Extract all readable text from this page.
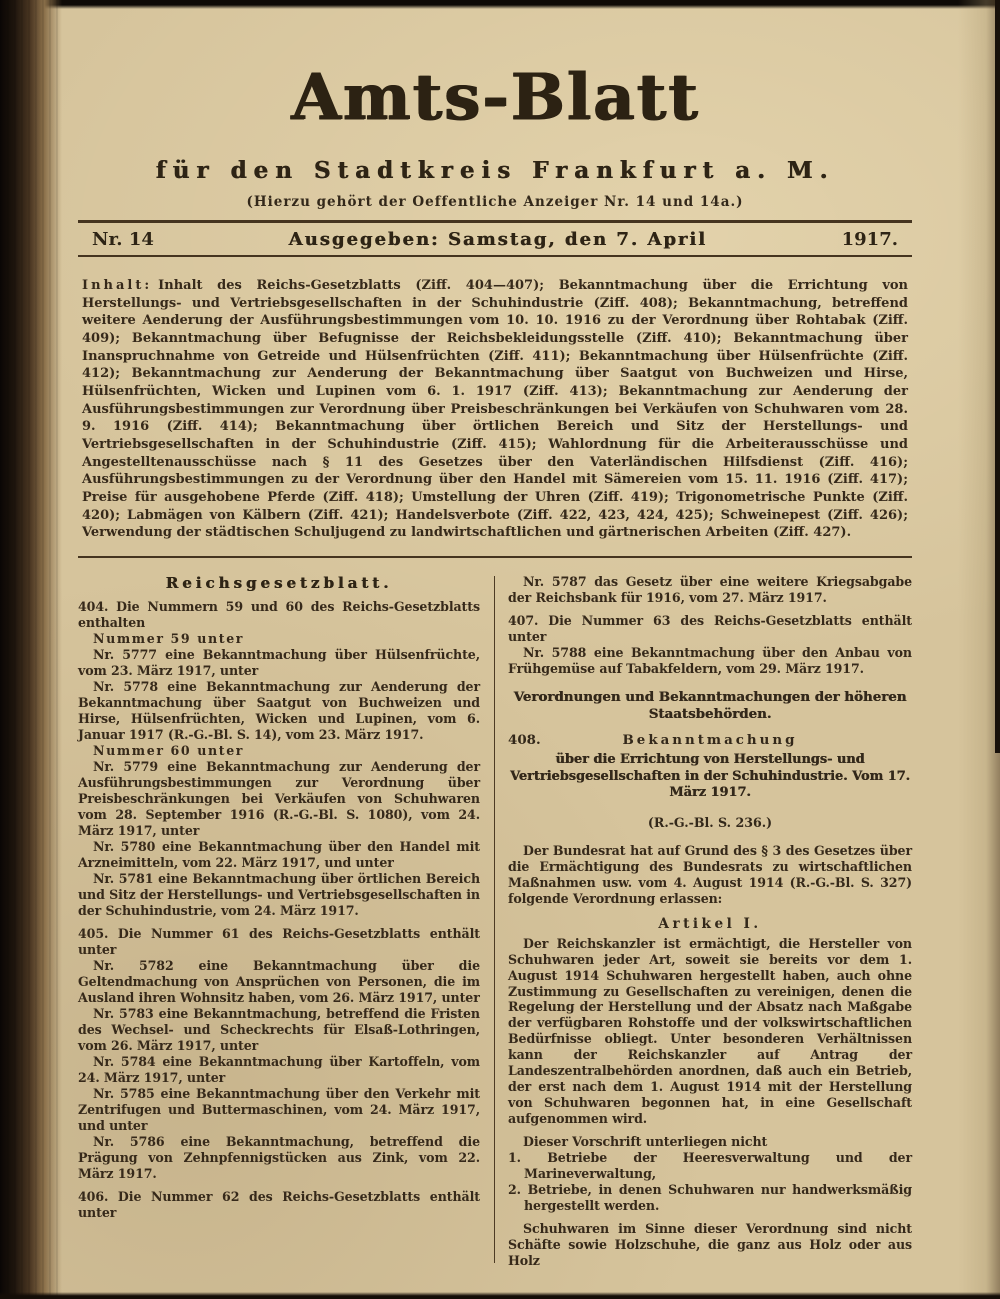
Amts-Blatt
für den Stadtkreis Frankfurt a. M.
(Hierzu gehört der Oeffentliche Anzeiger Nr. 14 und 14a.)
Nr. 14	Ausgegeben: Samstag, den 7. April	1917.

Inhalt: Inhalt des Reichs-Gesetzblatts (Ziff. 404—407); Bekanntmachung über die Errichtung von Herstellungs- und Vertriebsgesellschaften in der Schuhindustrie (Ziff. 408); Bekanntmachung, betreffend weitere Aenderung der Ausführungsbestimmungen vom 10. 10. 1916 zu der Verordnung über Rohtabak (Ziff. 409); Bekanntmachung über Befugnisse der Reichsbekleidungsstelle (Ziff. 410); Bekanntmachung über Inanspruchnahme von Getreide und Hülsenfrüchten (Ziff. 411); Bekanntmachung über Hülsenfrüchte (Ziff. 412); Bekanntmachung zur Aenderung der Bekanntmachung über Saatgut von Buchweizen und Hirse, Hülsenfrüchten, Wicken und Lupinen vom 6. 1. 1917 (Ziff. 413); Bekanntmachung zur Aenderung der Ausführungsbestimmungen zur Verordnung über Preisbeschränkungen bei Verkäufen von Schuhwaren vom 28. 9. 1916 (Ziff. 414); Bekanntmachung über örtlichen Bereich und Sitz der Herstellungs- und Vertriebsgesellschaften in der Schuhindustrie (Ziff. 415); Wahlordnung für die Arbeiterausschüsse und Angestelltenausschüsse nach § 11 des Gesetzes über den Vaterländischen Hilfsdienst (Ziff. 416); Ausführungsbestimmungen zu der Verordnung über den Handel mit Sämereien vom 15. 11. 1916 (Ziff. 417); Preise für ausgehobene Pferde (Ziff. 418); Umstellung der Uhren (Ziff. 419); Trigonometrische Punkte (Ziff. 420); Labmägen von Kälbern (Ziff. 421); Handelsverbote (Ziff. 422, 423, 424, 425); Schweinepest (Ziff. 426); Verwendung der städtischen Schuljugend zu landwirtschaftlichen und gärtnerischen Arbeiten (Ziff. 427).

Reichsgesetzblatt.

404. Die Nummern 59 und 60 des Reichs-Gesetzblatts enthalten

Nummer 59 unter

Nr. 5777 eine Bekanntmachung über Hülsenfrüchte, vom 23. März 1917, unter

Nr. 5778 eine Bekanntmachung zur Aenderung der Bekanntmachung über Saatgut von Buchweizen und Hirse, Hülsenfrüchten, Wicken und Lupinen, vom 6. Januar 1917 (R.-G.-Bl. S. 14), vom 23. März 1917.

Nummer 60 unter

Nr. 5779 eine Bekanntmachung zur Aenderung der Ausführungsbestimmungen zur Verordnung über Preisbeschränkungen bei Verkäufen von Schuhwaren vom 28. September 1916 (R.-G.-Bl. S. 1080), vom 24. März 1917, unter

Nr. 5780 eine Bekanntmachung über den Handel mit Arzneimitteln, vom 22. März 1917, und unter

Nr. 5781 eine Bekanntmachung über örtlichen Bereich und Sitz der Herstellungs- und Vertriebsgesellschaften in der Schuhindustrie, vom 24. März 1917.

405. Die Nummer 61 des Reichs-Gesetzblatts enthält unter

Nr. 5782 eine Bekanntmachung über die Geltendmachung von Ansprüchen von Personen, die im Ausland ihren Wohnsitz haben, vom 26. März 1917, unter

Nr. 5783 eine Bekanntmachung, betreffend die Fristen des Wechsel- und Scheckrechts für Elsaß-Lothringen, vom 26. März 1917, unter

Nr. 5784 eine Bekanntmachung über Kartoffeln, vom 24. März 1917, unter

Nr. 5785 eine Bekanntmachung über den Verkehr mit Zentrifugen und Buttermaschinen, vom 24. März 1917, und unter

Nr. 5786 eine Bekanntmachung, betreffend die Prägung von Zehnpfennigstücken aus Zink, vom 22. März 1917.

406. Die Nummer 62 des Reichs-Gesetzblatts enthält unter

Nr. 5787 das Gesetz über eine weitere Kriegsabgabe der Reichsbank für 1916, vom 27. März 1917.

407. Die Nummer 63 des Reichs-Gesetzblatts enthält unter

Nr. 5788 eine Bekanntmachung über den Anbau von Frühgemüse auf Tabakfeldern, vom 29. März 1917.

Verordnungen und Bekanntmachungen der höheren Staatsbehörden.

408.	Bekanntmachung

über die Errichtung von Herstellungs- und Vertriebsgesellschaften in der Schuhindustrie. Vom 17. März 1917.

(R.-G.-Bl. S. 236.)

Der Bundesrat hat auf Grund des § 3 des Gesetzes über die Ermächtigung des Bundesrats zu wirtschaftlichen Maßnahmen usw. vom 4. August 1914 (R.-G.-Bl. S. 327) folgende Verordnung erlassen:

Artikel I.

Der Reichskanzler ist ermächtigt, die Hersteller von Schuhwaren jeder Art, soweit sie bereits vor dem 1. August 1914 Schuhwaren hergestellt haben, auch ohne Zustimmung zu Gesellschaften zu vereinigen, denen die Regelung der Herstellung und der Absatz nach Maßgabe der verfügbaren Rohstoffe und der volkswirtschaftlichen Bedürfnisse obliegt. Unter besonderen Verhältnissen kann der Reichskanzler auf Antrag der Landeszentralbehörden anordnen, daß auch ein Betrieb, der erst nach dem 1. August 1914 mit der Herstellung von Schuhwaren begonnen hat, in eine Gesellschaft aufgenommen wird.

Dieser Vorschrift unterliegen nicht

1. Betriebe der Heeresverwaltung und der Marineverwaltung,

2. Betriebe, in denen Schuhwaren nur handwerksmäßig hergestellt werden.

Schuhwaren im Sinne dieser Verordnung sind nicht Schäfte sowie Holzschuhe, die ganz aus Holz oder aus Holz
